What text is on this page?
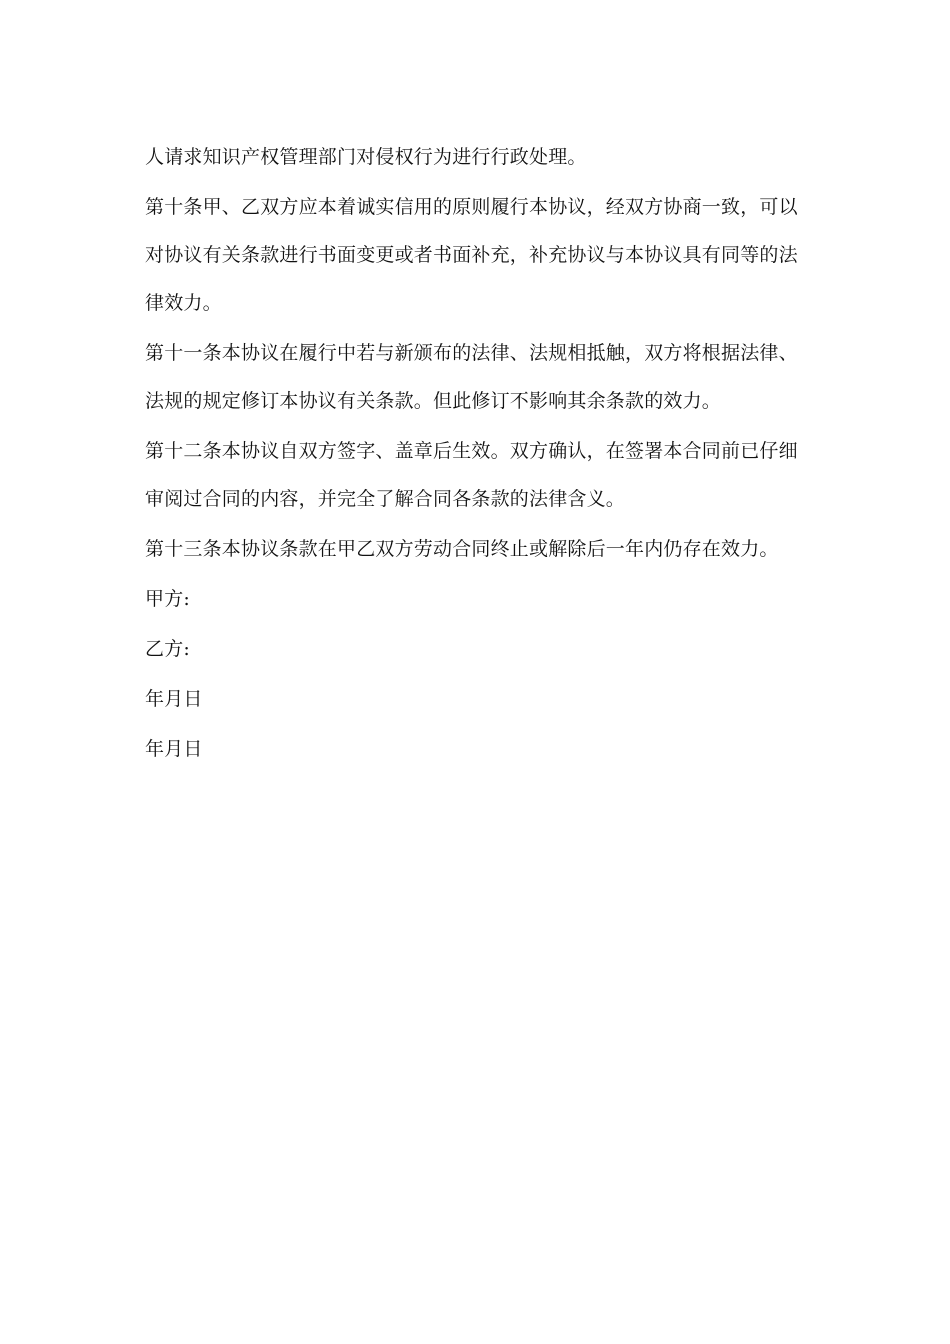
人请求知识产权管理部门对侵权行为进行行政处理。

第十条甲、乙双方应本着诚实信用的原则履行本协议，经双方协商一致，可以
对协议有关条款进行书面变更或者书面补充，补充协议与本协议具有同等的法
律效力。

第十一条本协议在履行中若与新颁布的法律、法规相抵触，双方将根据法律、
法规的规定修订本协议有关条款。但此修订不影响其余条款的效力。

第十二条本协议自双方签字、盖章后生效。双方确认，在签署本合同前已仔细
审阅过合同的内容，并完全了解合同各条款的法律含义。

第十三条本协议条款在甲乙双方劳动合同终止或解除后一年内仍存在效力。

甲方:

乙方:

年月日

年月日
